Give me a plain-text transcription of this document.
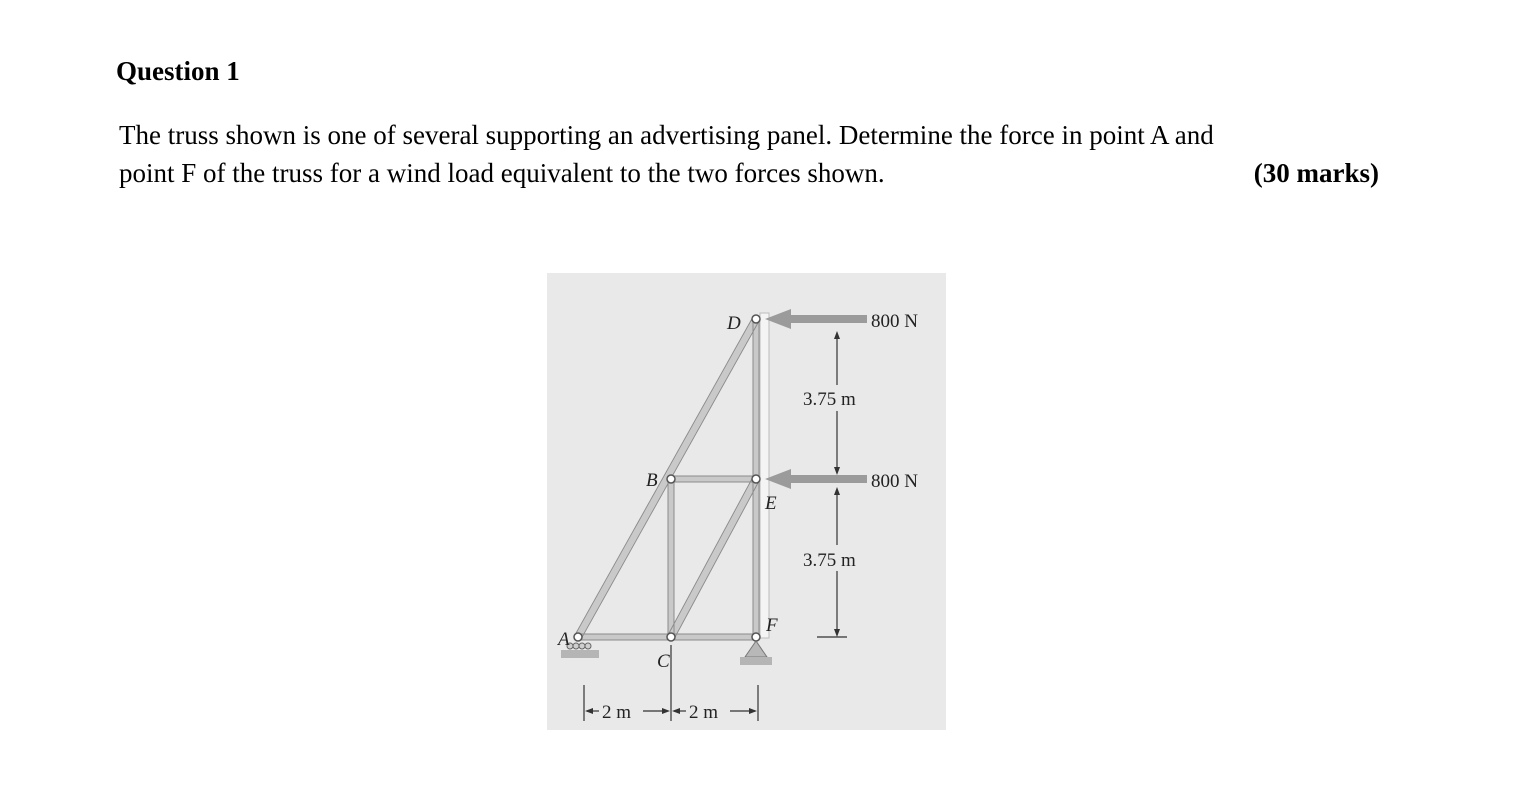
Question 1
The truss shown is one of several supporting an advertising panel. Determine the force in point A and
point F of the truss for a wind load equivalent to the two forces shown.	(30 marks)
D
B
E
F
A
C
800 N
800 N
3.75 m
3.75 m
2 m	2 m
